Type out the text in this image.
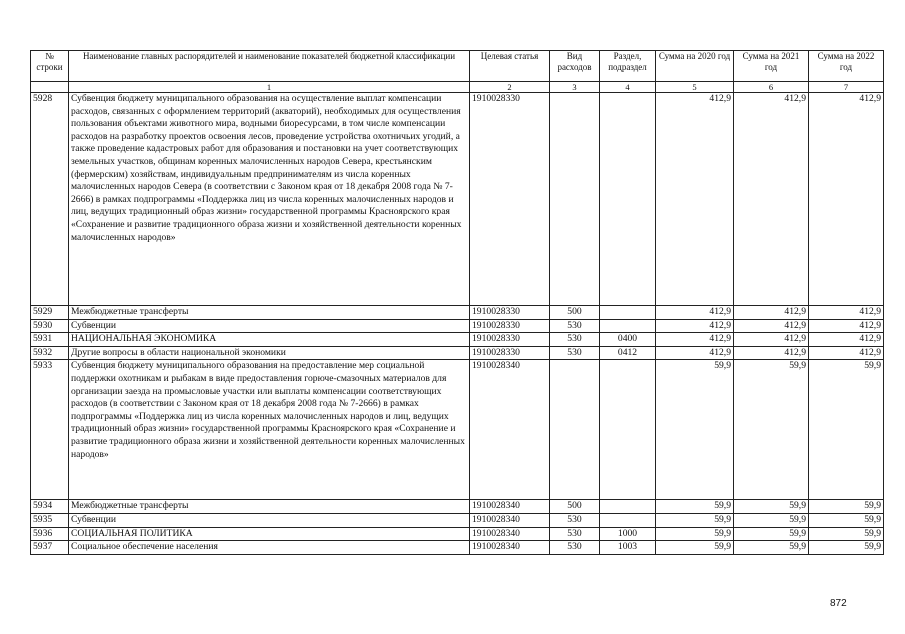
№ строки	Наименование главных распорядителей и наименование показателей бюджетной классификации	Целевая статья	Вид расходов	Раздел, подраздел	Сумма на 2020 год	Сумма на 2021 год	Сумма на 2022 год
	1	2	3	4	5	6	7
5928	Субвенция бюджету муниципального образования на осуществление выплат компенсации расходов, связанных с оформлением территорий (акваторий), необходимых для осуществления пользования объектами животного мира, водными биоресурсами, в том числе компенсации расходов на разработку проектов освоения лесов, проведение устройства охотничьих угодий, а также проведение кадастровых работ для образования и постановки на учет соответствующих земельных участков, общинам коренных малочисленных народов Севера, крестьянским (фермерским) хозяйствам, индивидуальным предпринимателям из числа коренных малочисленных народов Севера (в соответствии с Законом края от 18 декабря 2008 года № 7-2666) в рамках подпрограммы «Поддержка лиц из числа коренных малочисленных народов и лиц, ведущих традиционный образ жизни» государственной программы Красноярского края «Сохранение и развитие традиционного образа жизни и хозяйственной деятельности коренных малочисленных народов»	1910028330			412,9	412,9	412,9
5929	Межбюджетные трансферты	1910028330	500		412,9	412,9	412,9
5930	Субвенции	1910028330	530		412,9	412,9	412,9
5931	НАЦИОНАЛЬНАЯ ЭКОНОМИКА	1910028330	530	0400	412,9	412,9	412,9
5932	Другие вопросы в области национальной экономики	1910028330	530	0412	412,9	412,9	412,9
5933	Субвенция бюджету муниципального образования на предоставление мер социальной поддержки охотникам и рыбакам в виде предоставления горюче-смазочных материалов для организации заезда на промысловые участки или выплаты компенсации соответствующих расходов (в соответствии с Законом края от 18 декабря 2008 года № 7-2666) в рамках подпрограммы «Поддержка лиц из числа коренных малочисленных народов и лиц, ведущих традиционный образ жизни» государственной программы Красноярского края «Сохранение и развитие традиционного образа жизни и хозяйственной деятельности коренных малочисленных народов»	1910028340			59,9	59,9	59,9
5934	Межбюджетные трансферты	1910028340	500		59,9	59,9	59,9
5935	Субвенции	1910028340	530		59,9	59,9	59,9
5936	СОЦИАЛЬНАЯ ПОЛИТИКА	1910028340	530	1000	59,9	59,9	59,9
5937	Социальное обеспечение населения	1910028340	530	1003	59,9	59,9	59,9
872
